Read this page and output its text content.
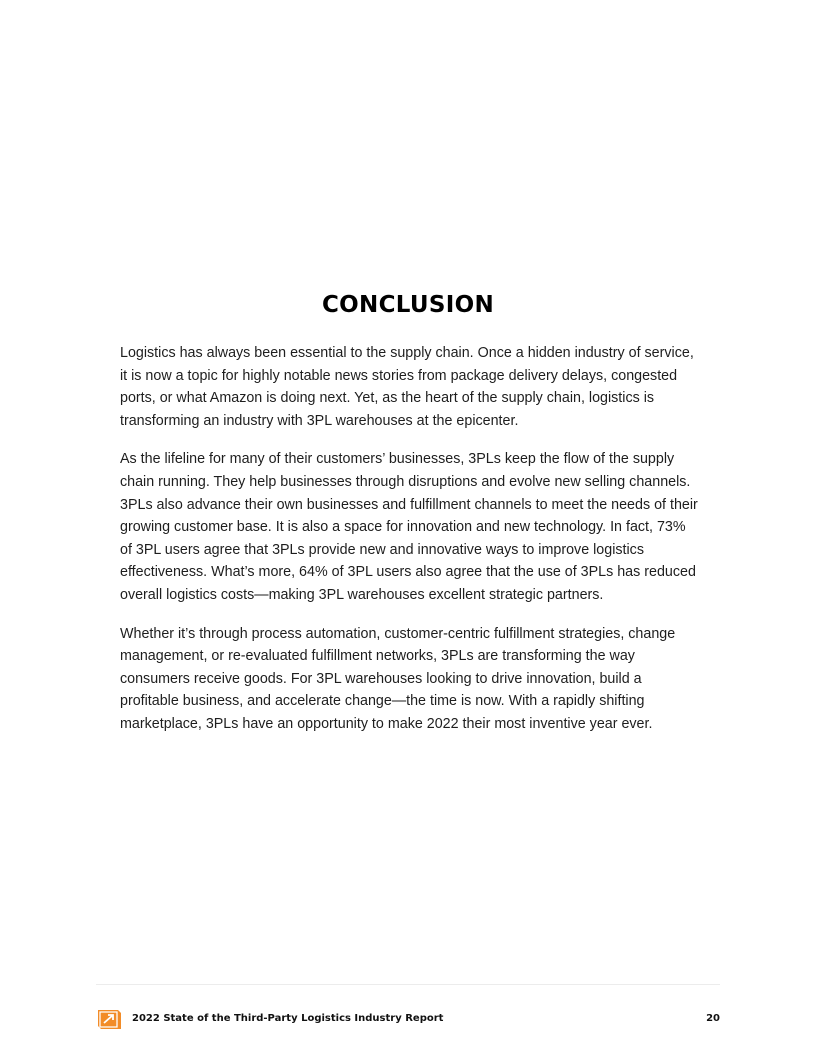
CONCLUSION

Logistics has always been essential to the supply chain. Once a hidden industry of service, it is now a topic for highly notable news stories from package delivery delays, congested ports, or what Amazon is doing next. Yet, as the heart of the supply chain, logistics is transforming an industry with 3PL warehouses at the epicenter.

As the lifeline for many of their customers’ businesses, 3PLs keep the flow of the supply chain running. They help businesses through disruptions and evolve new selling channels. 3PLs also advance their own businesses and fulfillment channels to meet the needs of their growing customer base. It is also a space for innovation and new technology. In fact, 73% of 3PL users agree that 3PLs provide new and innovative ways to improve logistics effectiveness. What’s more, 64% of 3PL users also agree that the use of 3PLs has reduced overall logistics costs—making 3PL warehouses excellent strategic partners.

Whether it’s through process automation, customer-centric fulfillment strategies, change management, or re-evaluated fulfillment networks, 3PLs are transforming the way consumers receive goods. For 3PL warehouses looking to drive innovation, build a profitable business, and accelerate change—the time is now. With a rapidly shifting marketplace, 3PLs have an opportunity to make 2022 their most inventive year ever.

2022 State of the Third-Party Logistics Industry Report	20
